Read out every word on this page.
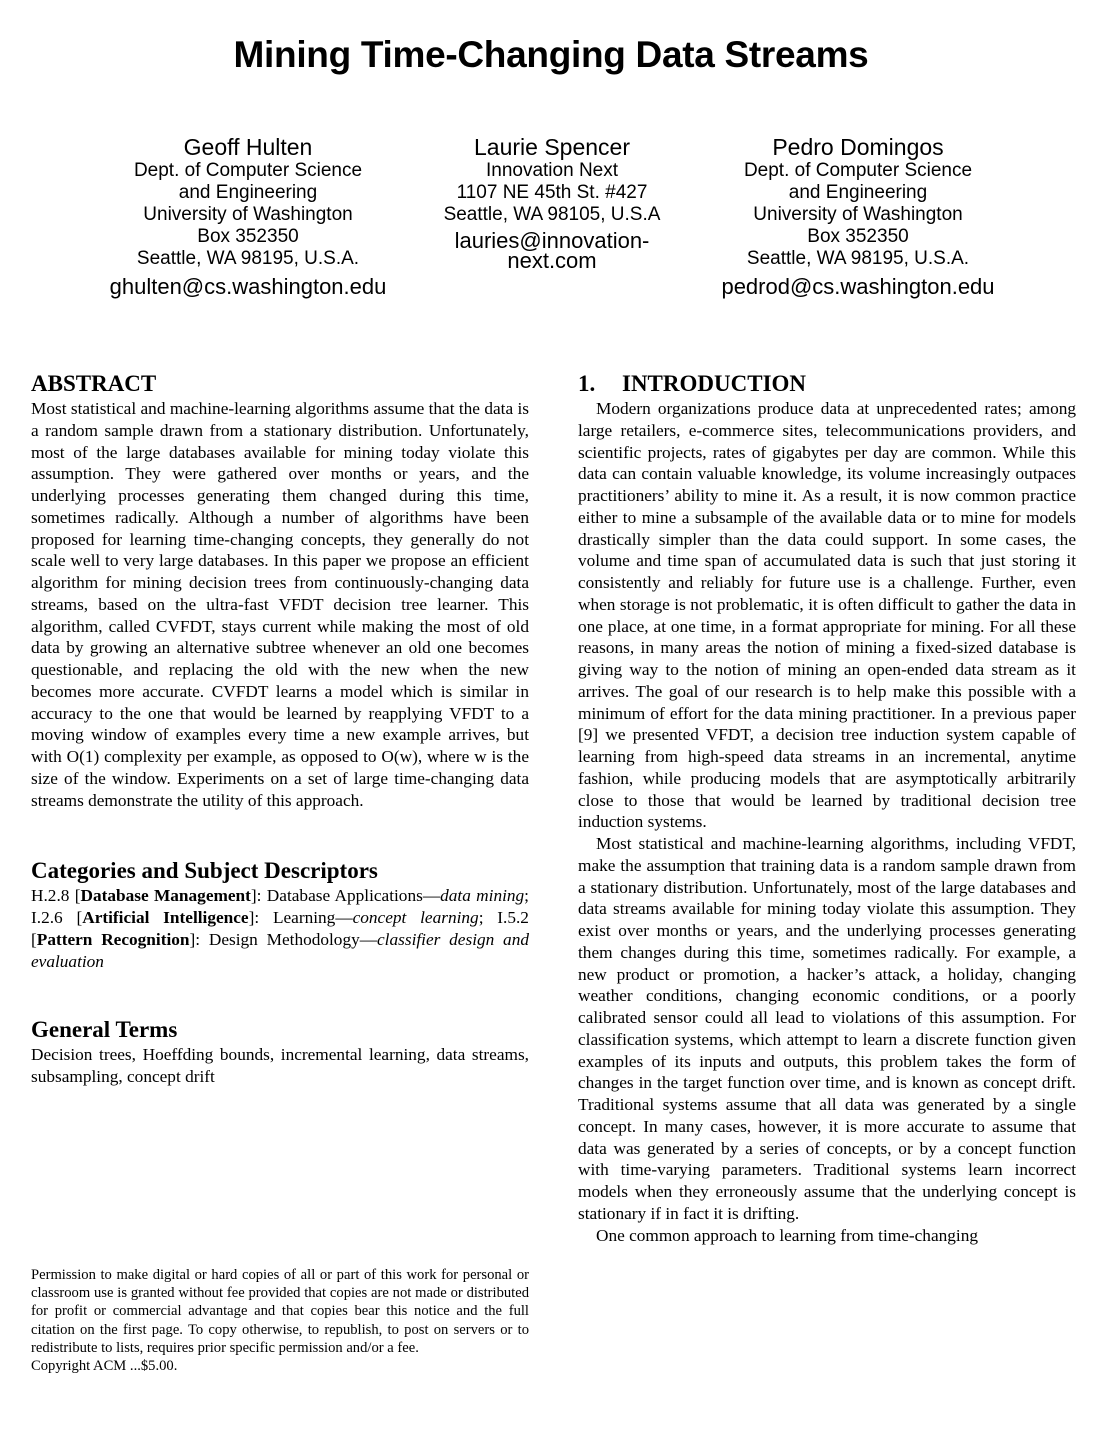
Mining Time-Changing Data Streams
Geoff Hulten
Dept. of Computer Science
and Engineering
University of Washington
Box 352350
Seattle, WA 98195, U.S.A.
ghulten@cs.washington.edu
Laurie Spencer
Innovation Next
1107 NE 45th St. #427
Seattle, WA 98105, U.S.A
lauries@innovation-
next.com
Pedro Domingos
Dept. of Computer Science
and Engineering
University of Washington
Box 352350
Seattle, WA 98195, U.S.A.
pedrod@cs.washington.edu
ABSTRACT

Most statistical and machine-learning algorithms assume that the data is a random sample drawn from a stationary distribution. Unfortunately, most of the large databases available for mining today violate this assumption. They were gathered over months or years, and the underlying processes generating them changed during this time, sometimes radically. Although a number of algorithms have been proposed for learning time-changing concepts, they generally do not scale well to very large databases. In this paper we propose an efficient algorithm for mining decision trees from continuously-changing data streams, based on the ultra-fast VFDT decision tree learner. This algorithm, called CVFDT, stays current while making the most of old data by growing an alternative subtree whenever an old one becomes questionable, and replacing the old with the new when the new becomes more accurate. CVFDT learns a model which is similar in accuracy to the one that would be learned by reapplying VFDT to a moving window of examples every time a new example arrives, but with O(1) complexity per example, as opposed to O(w), where w is the size of the window. Experiments on a set of large time-changing data streams demonstrate the utility of this approach.

Categories and Subject Descriptors

H.2.8 [Database Management]: Database Applications—data mining; I.2.6 [Artificial Intelligence]: Learning—concept learning; I.5.2 [Pattern Recognition]: Design Methodology—classifier design and evaluation

General Terms

Decision trees, Hoeffding bounds, incremental learning, data streams, subsampling, concept drift

Permission to make digital or hard copies of all or part of this work for personal or classroom use is granted without fee provided that copies are not made or distributed for profit or commercial advantage and that copies bear this notice and the full citation on the first page. To copy otherwise, to republish, to post on servers or to redistribute to lists, requires prior specific permission and/or a fee.
Copyright ACM ...$5.00.
1. INTRODUCTION

Modern organizations produce data at unprecedented rates; among large retailers, e-commerce sites, telecommunications providers, and scientific projects, rates of gigabytes per day are common. While this data can contain valuable knowledge, its volume increasingly outpaces practitioners’ ability to mine it. As a result, it is now common practice either to mine a subsample of the available data or to mine for models drastically simpler than the data could support. In some cases, the volume and time span of accumulated data is such that just storing it consistently and reliably for future use is a challenge. Further, even when storage is not problematic, it is often difficult to gather the data in one place, at one time, in a format appropriate for mining. For all these reasons, in many areas the notion of mining a fixed-sized database is giving way to the notion of mining an open-ended data stream as it arrives. The goal of our research is to help make this possible with a minimum of effort for the data mining practitioner. In a previous paper [9] we presented VFDT, a decision tree induction system capable of learning from high-speed data streams in an incremental, anytime fashion, while producing models that are asymptotically arbitrarily close to those that would be learned by traditional decision tree induction systems.

Most statistical and machine-learning algorithms, including VFDT, make the assumption that training data is a random sample drawn from a stationary distribution. Unfortunately, most of the large databases and data streams available for mining today violate this assumption. They exist over months or years, and the underlying processes generating them changes during this time, sometimes radically. For example, a new product or promotion, a hacker’s attack, a holiday, changing weather conditions, changing economic conditions, or a poorly calibrated sensor could all lead to violations of this assumption. For classification systems, which attempt to learn a discrete function given examples of its inputs and outputs, this problem takes the form of changes in the target function over time, and is known as concept drift. Traditional systems assume that all data was generated by a single concept. In many cases, however, it is more accurate to assume that data was generated by a series of concepts, or by a concept function with time-varying parameters. Traditional systems learn incorrect models when they erroneously assume that the underlying concept is stationary if in fact it is drifting.

One common approach to learning from time-changing
